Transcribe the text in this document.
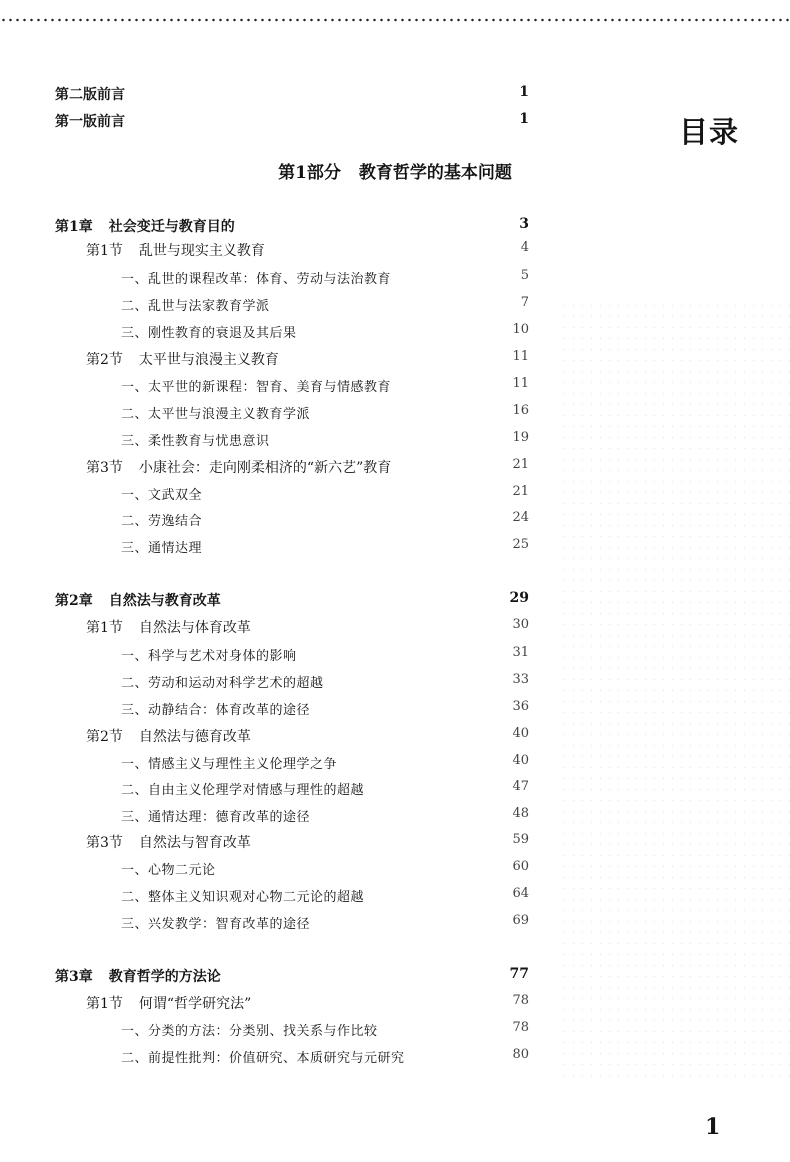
目录
第1部分 教育哲学的基本问题
第二版前言	1
第一版前言	1
第1章 社会变迁与教育目的	3
第1节 乱世与现实主义教育	4
一、乱世的课程改革：体育、劳动与法治教育	5
二、乱世与法家教育学派	7
三、刚性教育的衰退及其后果	10
第2节 太平世与浪漫主义教育	11
一、太平世的新课程：智育、美育与情感教育	11
二、太平世与浪漫主义教育学派	16
三、柔性教育与忧患意识	19
第3节 小康社会：走向刚柔相济的“新六艺”教育	21
一、文武双全	21
二、劳逸结合	24
三、通情达理	25
第2章 自然法与教育改革	29
第1节 自然法与体育改革	30
一、科学与艺术对身体的影响	31
二、劳动和运动对科学艺术的超越	33
三、动静结合：体育改革的途径	36
第2节 自然法与德育改革	40
一、情感主义与理性主义伦理学之争	40
二、自由主义伦理学对情感与理性的超越	47
三、通情达理：德育改革的途径	48
第3节 自然法与智育改革	59
一、心物二元论	60
二、整体主义知识观对心物二元论的超越	64
三、兴发教学：智育改革的途径	69
第3章 教育哲学的方法论	77
第1节 何谓“哲学研究法”	78
一、分类的方法：分类别、找关系与作比较	78
二、前提性批判：价值研究、本质研究与元研究	80
1
